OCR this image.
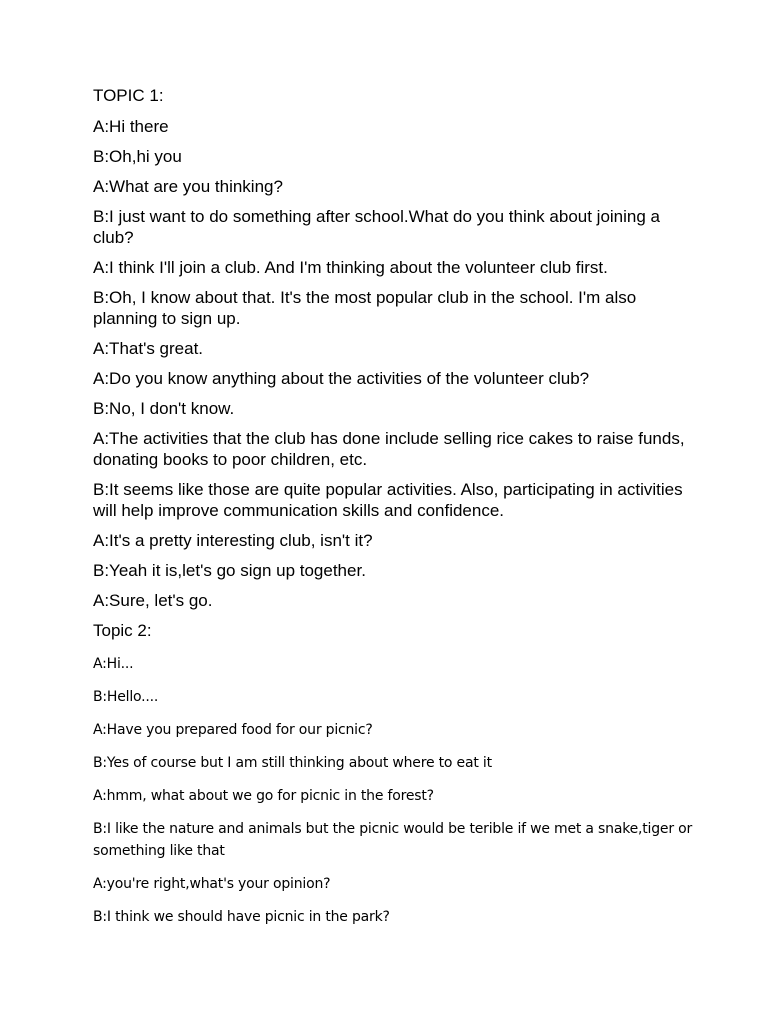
TOPIC 1:

A:Hi there

B:Oh,hi you

A:What are you thinking?

B:I just want to do something after school.What do you think about joining a club?

A:I think I'll join a club. And I'm thinking about the volunteer club first.

B:Oh, I know about that. It's the most popular club in the school. I'm also planning to sign up.

A:That's great.

A:Do you know anything about the activities of the volunteer club?

B:No, I don't know.

A:The activities that the club has done include selling rice cakes to raise funds, donating books to poor children, etc.

B:It seems like those are quite popular activities. Also, participating in activities will help improve communication skills and confidence.

A:It's a pretty interesting club, isn't it?

B:Yeah it is,let's go sign up together.

A:Sure, let's go.

Topic 2:

A:Hi...

B:Hello....

A:Have you prepared food for our picnic?

B:Yes of course but I am still thinking about where to eat it

A:hmm, what about we go for picnic in the forest?

B:I like the nature and animals but the picnic would be terible if we met a snake,tiger or something like that

A:you're right,what's your opinion?

B:I think we should have picnic in the park?
